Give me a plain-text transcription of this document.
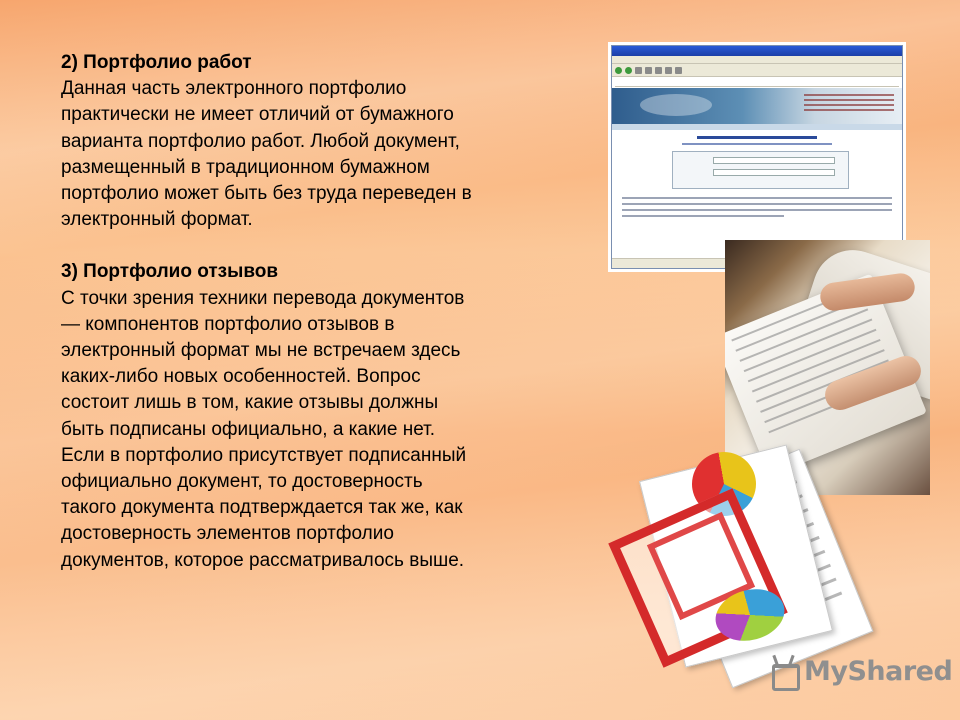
2) Портфолио работ

Данная часть электронного портфолио

практически не имеет отличий от бумажного

варианта портфолио работ. Любой документ,

размещенный в традиционном бумажном

портфолио может быть без труда переведен в

электронный формат.

3) Портфолио отзывов

С точки зрения техники перевода документов

— компонентов портфолио отзывов в

электронный формат мы не встречаем здесь

каких-либо новых особенностей. Вопрос

состоит лишь в том, какие отзывы должны

быть подписаны официально, а какие нет.

Если в портфолио присутствует подписанный

официально документ, то достоверность

такого документа подтверждается так же, как

достоверность элементов портфолио

документов, которое рассматривалось выше.

MyShared
